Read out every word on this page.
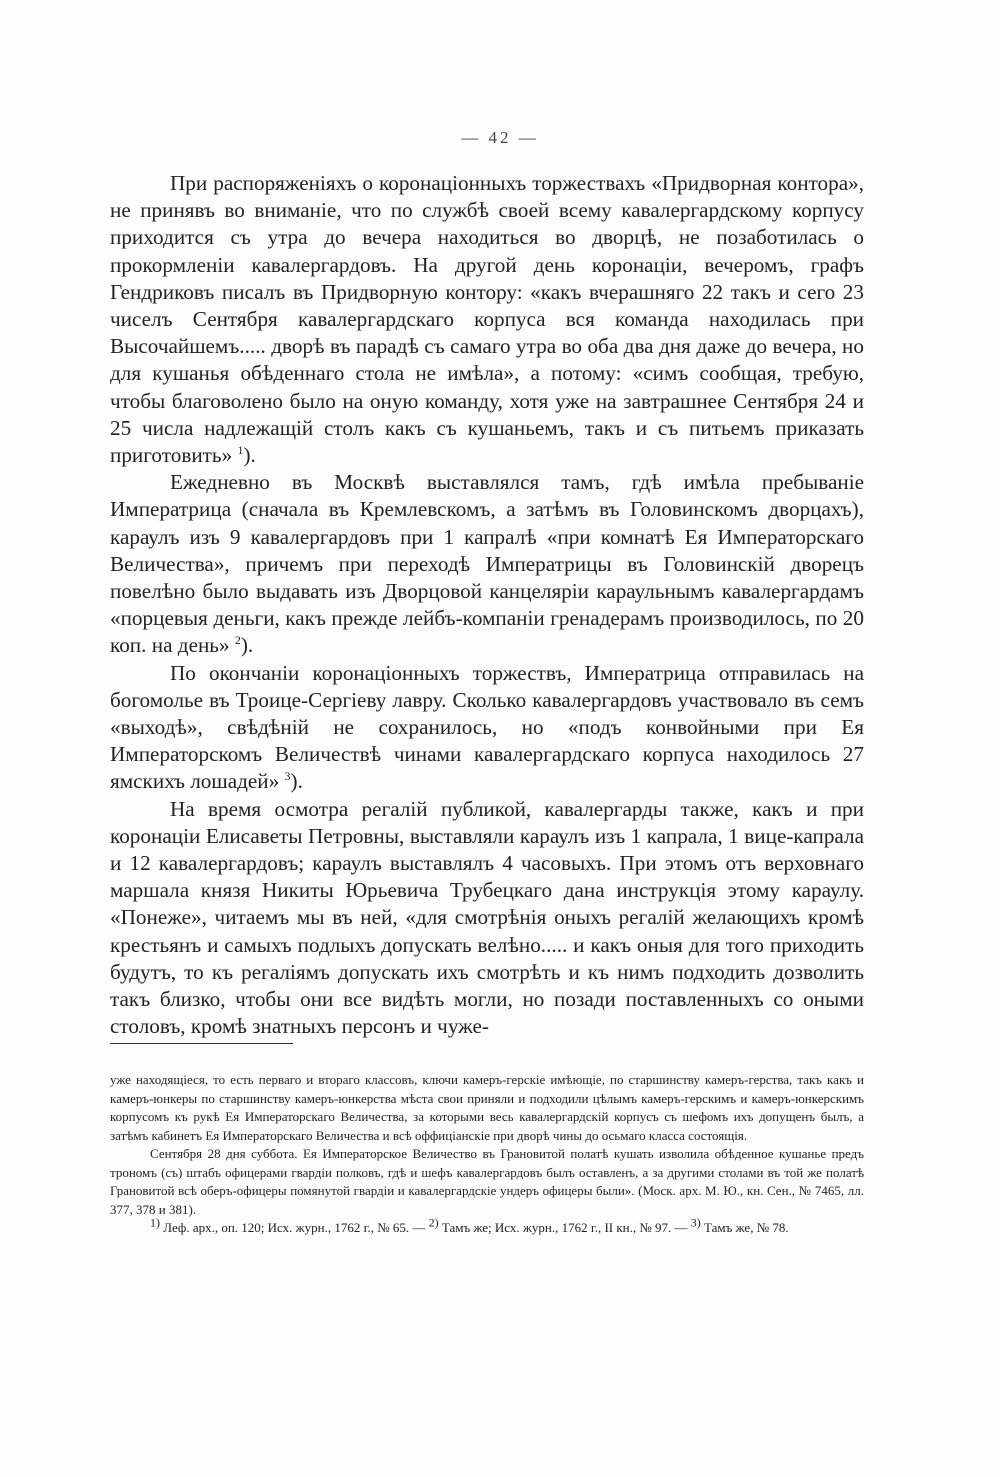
— 42 —

При распоряженіяхъ о коронаціонныхъ торжествахъ «Придворная контора», не принявъ во вниманіе, что по службѣ своей всему кавалергардскому корпусу приходится съ утра до вечера находиться во дворцѣ, не позаботилась о прокормленіи кавалергардовъ. На другой день коронаціи, вечеромъ, графъ Гендриковъ писалъ въ Придворную контору: «какъ вчерашняго 22 такъ и сего 23 чиселъ Сентября кавалергардскаго корпуса вся команда находилась при Высочайшемъ..... дворѣ въ парадѣ съ самаго утра во оба два дня даже до вечера, но для кушанья обѣденнаго стола не имѣла», а потому: «симъ сообщая, требую, чтобы благоволено было на оную команду, хотя уже на завтрашнее Сентября 24 и 25 числа надлежащій столъ какъ съ кушаньемъ, такъ и съ питьемъ приказать приготовить» $^1$).

Ежедневно въ Москвѣ выставлялся тамъ, гдѣ имѣла пребываніе Императрица (сначала въ Кремлевскомъ, а затѣмъ въ Головинскомъ дворцахъ), караулъ изъ 9 кавалергардовъ при 1 капралѣ «при комнатѣ Ея Императорскаго Величества», причемъ при переходѣ Императрицы въ Головинскій дворецъ повелѣно было выдавать изъ Дворцовой канцеляріи караульнымъ кавалергардамъ «порцевыя деньги, какъ прежде лейбъ-компаніи гренадерамъ производилось, по 20 коп. на день» $^2$).

По окончаніи коронаціонныхъ торжествъ, Императрица отправилась на богомолье въ Троице-Сергіеву лавру. Сколько кавалергардовъ участвовало въ семъ «выходѣ», свѣдѣній не сохранилось, но «подъ конвойными при Ея Императорскомъ Величествѣ чинами кавалергардскаго корпуса находилось 27 ямскихъ лошадей» $^3$).

На время осмотра регалій публикой, кавалергарды также, какъ и при коронаціи Елисаветы Петровны, выставляли караулъ изъ 1 капрала, 1 вице-капрала и 12 кавалергардовъ; караулъ выставлялъ 4 часовыхъ. При этомъ отъ верховнаго маршала князя Никиты Юрьевича Трубецкаго дана инструкція этому караулу. «Понеже», читаемъ мы въ ней, «для смотрѣнія оныхъ регалій желающихъ кромѣ крестьянъ и самыхъ подлыхъ допускать велѣно..... и какъ оныя для того приходить будутъ, то къ регаліямъ допускать ихъ смотрѣть и къ нимъ подходить дозволить такъ близко, чтобы они все видѣть могли, но позади поставленныхъ со оными столовъ, кромѣ знатныхъ персонъ и чуже-

уже находящіеся, то есть перваго и втораго классовъ, ключи камеръ-герскіе имѣющіе, по старшинству камеръ-герства, такъ какъ и камеръ-юнкеры по старшинству камеръ-юнкерства мѣста свои приняли и подходили цѣлымъ камеръ-герскимъ и камеръ-юнкерскимъ корпусомъ къ рукѣ Ея Императорскаго Величества, за которыми весь кавалергардскій корпусъ съ шефомъ ихъ допущенъ былъ, а затѣмъ кабинетъ Ея Императорскаго Величества и всѣ оффиціанскіе при дворѣ чины до осьмаго класса состоящія.

Сентября 28 дня суббота. Ея Императорское Величество въ Грановитой полатѣ кушать изволила обѣденное кушанье предъ трономъ (съ) штабъ офицерами гвардіи полковъ, гдѣ и шефъ кавалергардовъ былъ оставленъ, а за другими столами въ той же полатѣ Грановитой всѣ оберъ-офицеры помянутой гвардіи и кавалергардскіе ундеръ офицеры были». (Моск. арх. М. Ю., кн. Сен., № 7465, лл. 377, 378 и 381).

$^{1)}$ Леф. арх., оп. 120; Исх. журн., 1762 г., № 65. — $^{2)}$ Тамъ же; Исх. журн., 1762 г., II кн., № 97. — $^{3)}$ Тамъ же, № 78.
